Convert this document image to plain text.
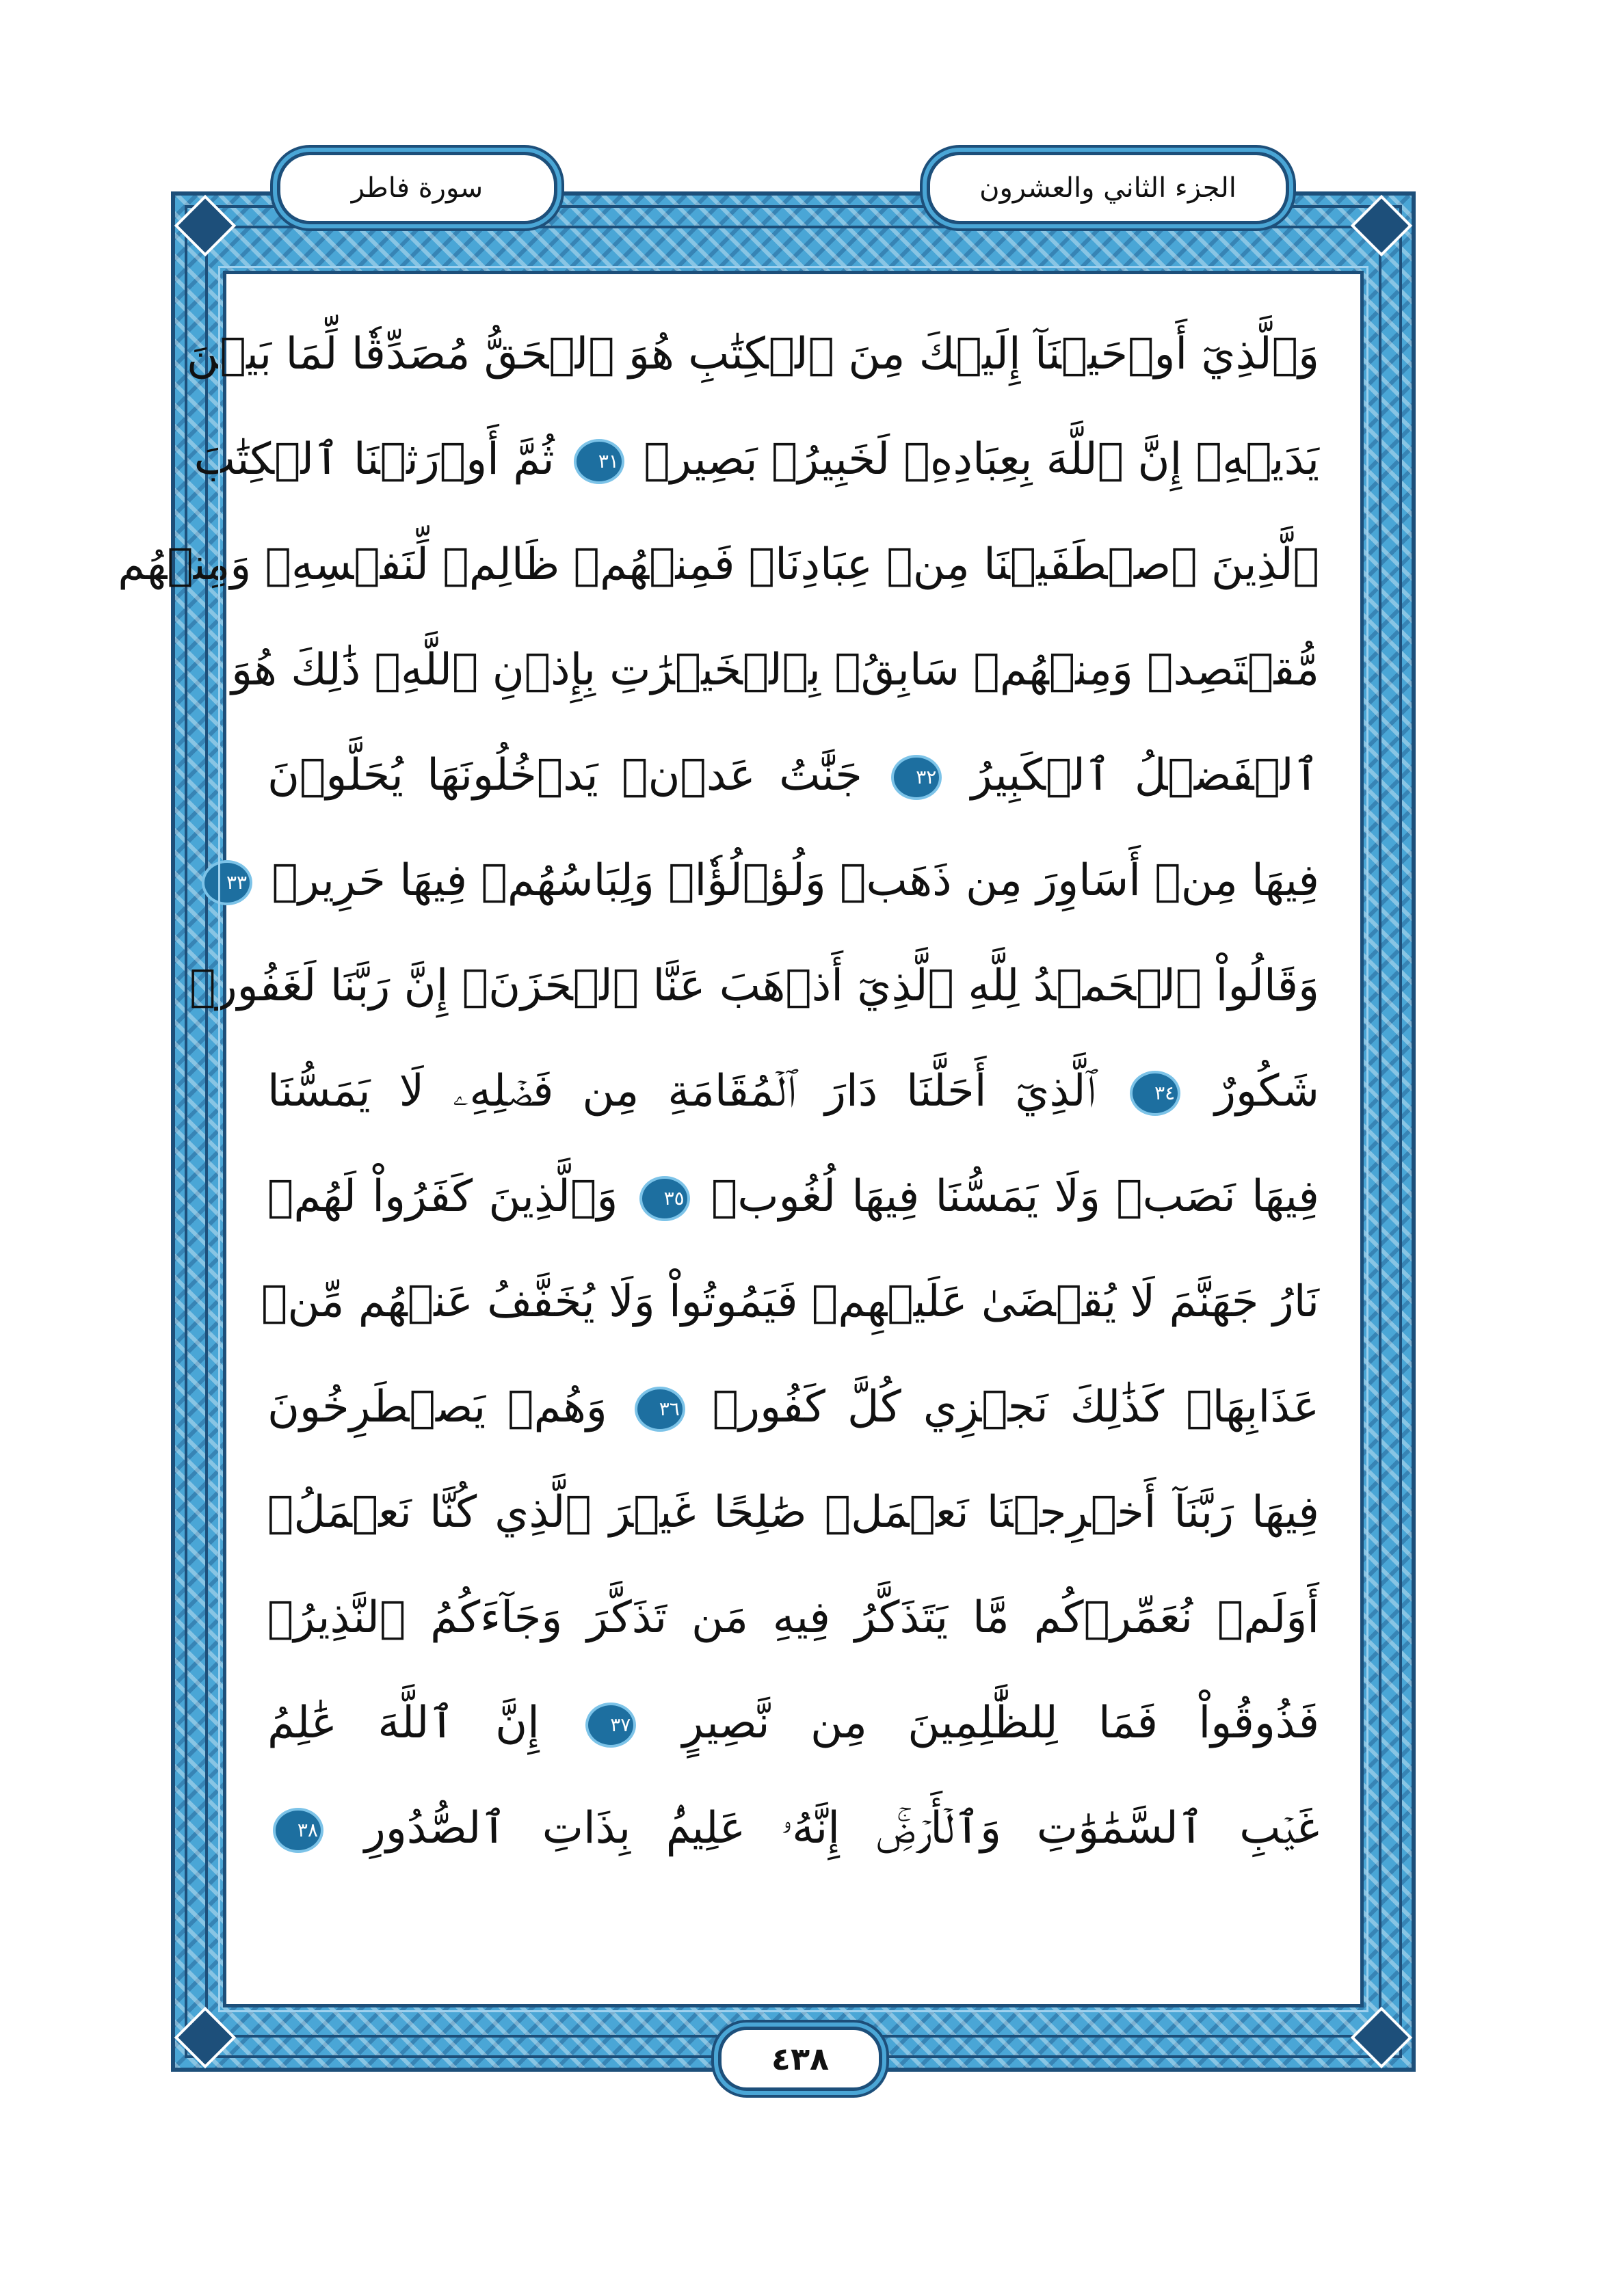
وَٱلَّذِيٓ أَوۡحَيۡنَآ إِلَيۡكَ مِنَ ٱلۡكِتَٰبِ هُوَ ٱلۡحَقُّ مُصَدِّقٗا لِّمَا بَيۡنَ
يَدَيۡهِۗ إِنَّ ٱللَّهَ بِعِبَادِهِۦ لَخَبِيرُۢ بَصِيرٞ ٣١ ثُمَّ أَوۡرَثۡنَا ٱلۡكِتَٰبَ
ٱلَّذِينَ ٱصۡطَفَيۡنَا مِنۡ عِبَادِنَاۖ فَمِنۡهُمۡ ظَالِمٞ لِّنَفۡسِهِۦ وَمِنۡهُم
مُّقۡتَصِدٞ وَمِنۡهُمۡ سَابِقُۢ بِٱلۡخَيۡرَٰتِ بِإِذۡنِ ٱللَّهِۚ ذَٰلِكَ هُوَ
ٱلۡفَضۡلُ ٱلۡكَبِيرُ ٣٢ جَنَّٰتُ عَدۡنٖ يَدۡخُلُونَهَا يُحَلَّوۡنَ
فِيهَا مِنۡ أَسَاوِرَ مِن ذَهَبٖ وَلُؤۡلُؤٗاۖ وَلِبَاسُهُمۡ فِيهَا حَرِيرٞ ٣٣
وَقَالُواْ ٱلۡحَمۡدُ لِلَّهِ ٱلَّذِيٓ أَذۡهَبَ عَنَّا ٱلۡحَزَنَۖ إِنَّ رَبَّنَا لَغَفُورٞ
شَكُورٌ ٣٤ ٱلَّذِيٓ أَحَلَّنَا دَارَ ٱلۡمُقَامَةِ مِن فَضۡلِهِۦ لَا يَمَسُّنَا
فِيهَا نَصَبٞ وَلَا يَمَسُّنَا فِيهَا لُغُوبٞ ٣٥ وَٱلَّذِينَ كَفَرُواْ لَهُمۡ
نَارُ جَهَنَّمَ لَا يُقۡضَىٰ عَلَيۡهِمۡ فَيَمُوتُواْ وَلَا يُخَفَّفُ عَنۡهُم مِّنۡ
عَذَابِهَاۚ كَذَٰلِكَ نَجۡزِي كُلَّ كَفُورٖ ٣٦ وَهُمۡ يَصۡطَرِخُونَ
فِيهَا رَبَّنَآ أَخۡرِجۡنَا نَعۡمَلۡ صَٰلِحًا غَيۡرَ ٱلَّذِي كُنَّا نَعۡمَلُۚ
أَوَلَمۡ نُعَمِّرۡكُم مَّا يَتَذَكَّرُ فِيهِ مَن تَذَكَّرَ وَجَآءَكُمُ ٱلنَّذِيرُۖ
فَذُوقُواْ فَمَا لِلظَّٰلِمِينَ مِن نَّصِيرٍ ٣٧ إِنَّ ٱللَّهَ عَٰلِمُ
غَيۡبِ ٱلسَّمَٰوَٰتِ وَٱلۡأَرۡضِۚ إِنَّهُۥ عَلِيمُۢ بِذَاتِ ٱلصُّدُورِ ٣٨
الجزء الثاني والعشرون
سورة فاطر
٤٣٨
